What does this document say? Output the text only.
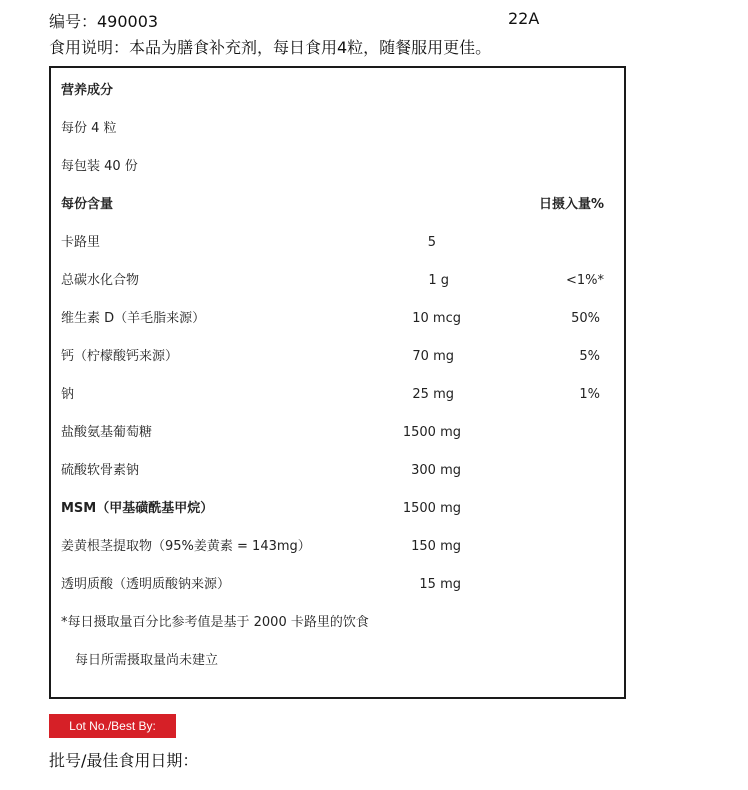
编号：490003	22A
食用说明：本品为膳食补充剂，每日食用4粒，随餐服用更佳。
营养成分
每份 4 粒
每包装 40 份
每份含量	日摄入量%
卡路里	5
总碳水化合物	1 g	<1%*
维生素 D（羊毛脂来源）	10 mcg	50%
钙（柠檬酸钙来源）	70 mg	5%
钠	25 mg	1%
盐酸氨基葡萄糖	1500 mg
硫酸软骨素钠	300 mg
MSM（甲基磺酰基甲烷）	1500 mg
姜黄根茎提取物（95%姜黄素 = 143mg）	150 mg
透明质酸（透明质酸钠来源）	15 mg
*每日摄取量百分比参考值是基于 2000 卡路里的饮食
每日所需摄取量尚未建立
Lot No./Best By:
批号/最佳食用日期：
